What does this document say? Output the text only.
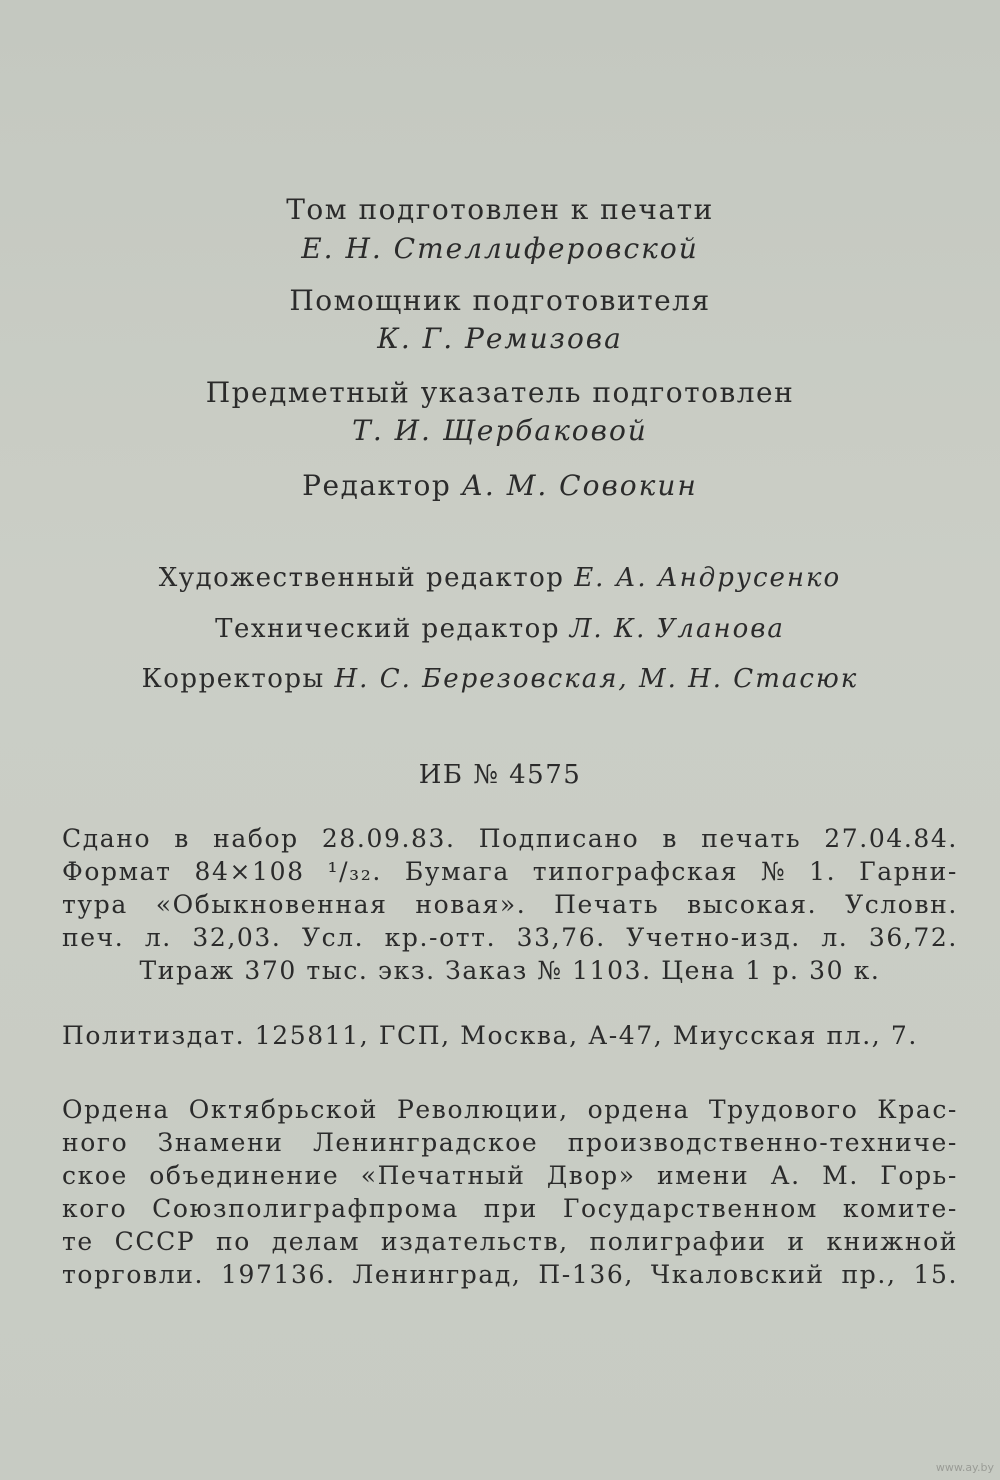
Том подготовлен к печати
Е. Н. Стеллиферовской
Помощник подготовителя
К. Г. Ремизова
Предметный указатель подготовлен
Т. И. Щербаковой
Редактор А. М. Совокин
Художественный редактор Е. А. Андрусенко
Технический редактор Л. К. Уланова
Корректоры Н. С. Березовская, М. Н. Стасюк
ИБ № 4575
Сдано в набор 28.09.83. Подписано в печать 27.04.84.
Формат 84×108 ¹/₃₂. Бумага типографская № 1. Гарни-
тура «Обыкновенная новая». Печать высокая. Условн.
печ. л. 32,03. Усл. кр.-отт. 33,76. Учетно-изд. л. 36,72.
Тираж 370 тыс. экз. Заказ № 1103. Цена 1 р. 30 к.
Политиздат. 125811, ГСП, Москва, А-47, Миусская пл., 7.
Ордена Октябрьской Революции, ордена Трудового Крас-
ного Знамени Ленинградское производственно-техниче-
ское объединение «Печатный Двор» имени А. М. Горь-
кого Союзполиграфпрома при Государственном комите-
те СССР по делам издательств, полиграфии и книжной
торговли. 197136. Ленинград, П-136, Чкаловский пр., 15.
www.ay.by
